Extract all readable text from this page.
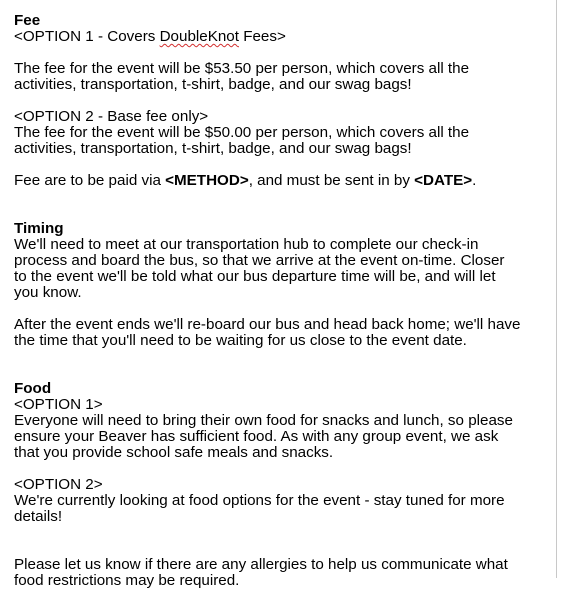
Fee
<OPTION 1 - Covers DoubleKnot Fees>
The fee for the event will be $53.50 per person, which covers all the
activities, transportation, t-shirt, badge, and our swag bags!
<OPTION 2 - Base fee only>
The fee for the event will be $50.00 per person, which covers all the
activities, transportation, t-shirt, badge, and our swag bags!
Fee are to be paid via <METHOD>, and must be sent in by <DATE>.
Timing
We'll need to meet at our transportation hub to complete our check-in
process and board the bus, so that we arrive at the event on-time. Closer
to the event we'll be told what our bus departure time will be, and will let
you know.
After the event ends we'll re-board our bus and head back home; we'll have
the time that you'll need to be waiting for us close to the event date.
Food
<OPTION 1>
Everyone will need to bring their own food for snacks and lunch, so please
ensure your Beaver has sufficient food. As with any group event, we ask
that you provide school safe meals and snacks.
<OPTION 2>
We're currently looking at food options for the event - stay tuned for more
details!
Please let us know if there are any allergies to help us communicate what
food restrictions may be required.
